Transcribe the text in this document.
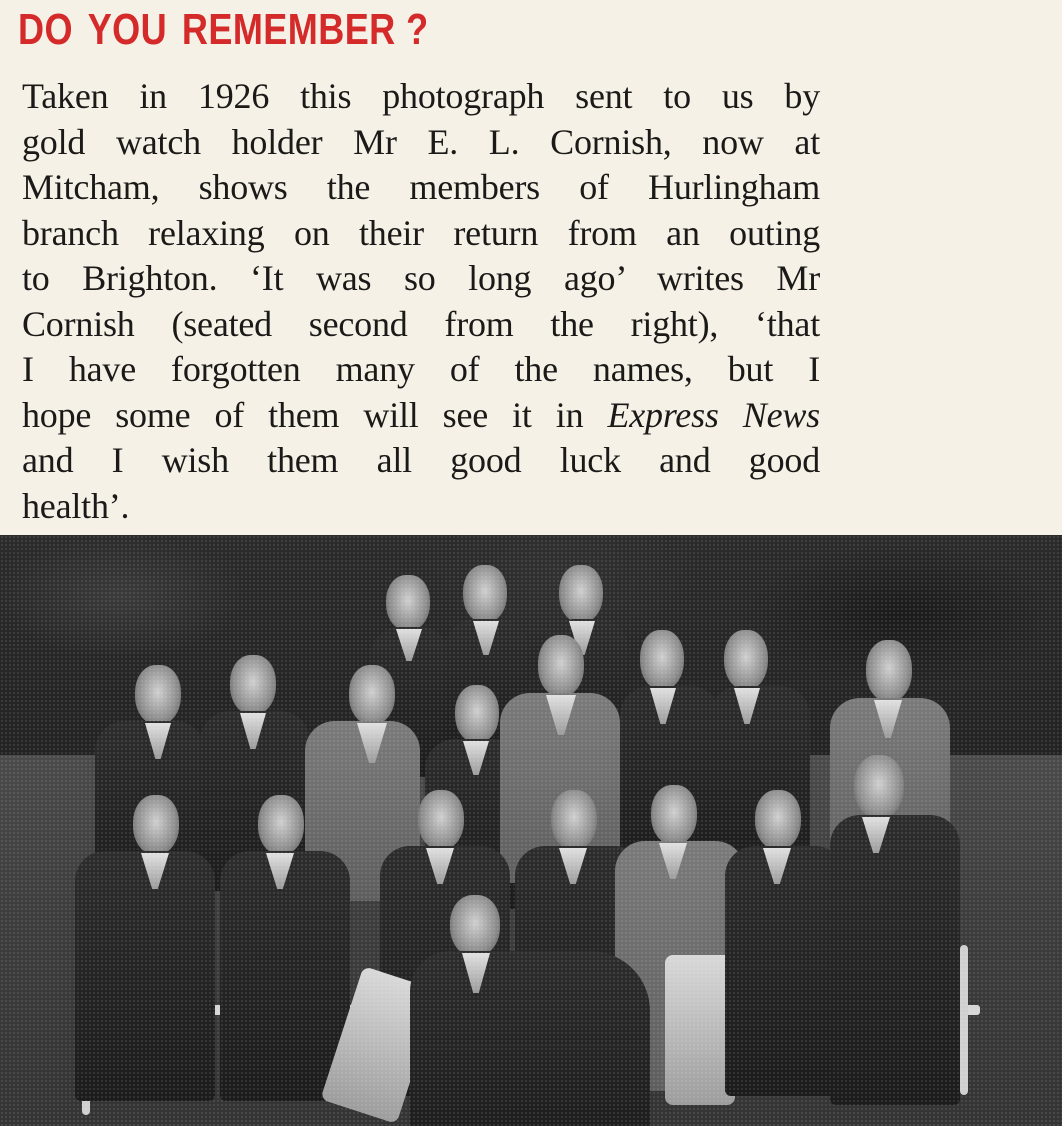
DO YOU REMEMBER ?

Taken in 1926 this photograph sent to us by
gold watch holder Mr E. L. Cornish, now at
Mitcham, shows the members of Hurlingham
branch relaxing on their return from an outing
to Brighton. ‘It was so long ago’ writes Mr
Cornish (seated second from the right), ‘that
I have forgotten many of the names, but I
hope some of them will see it in Express News
and I wish them all good luck and good
health’.
